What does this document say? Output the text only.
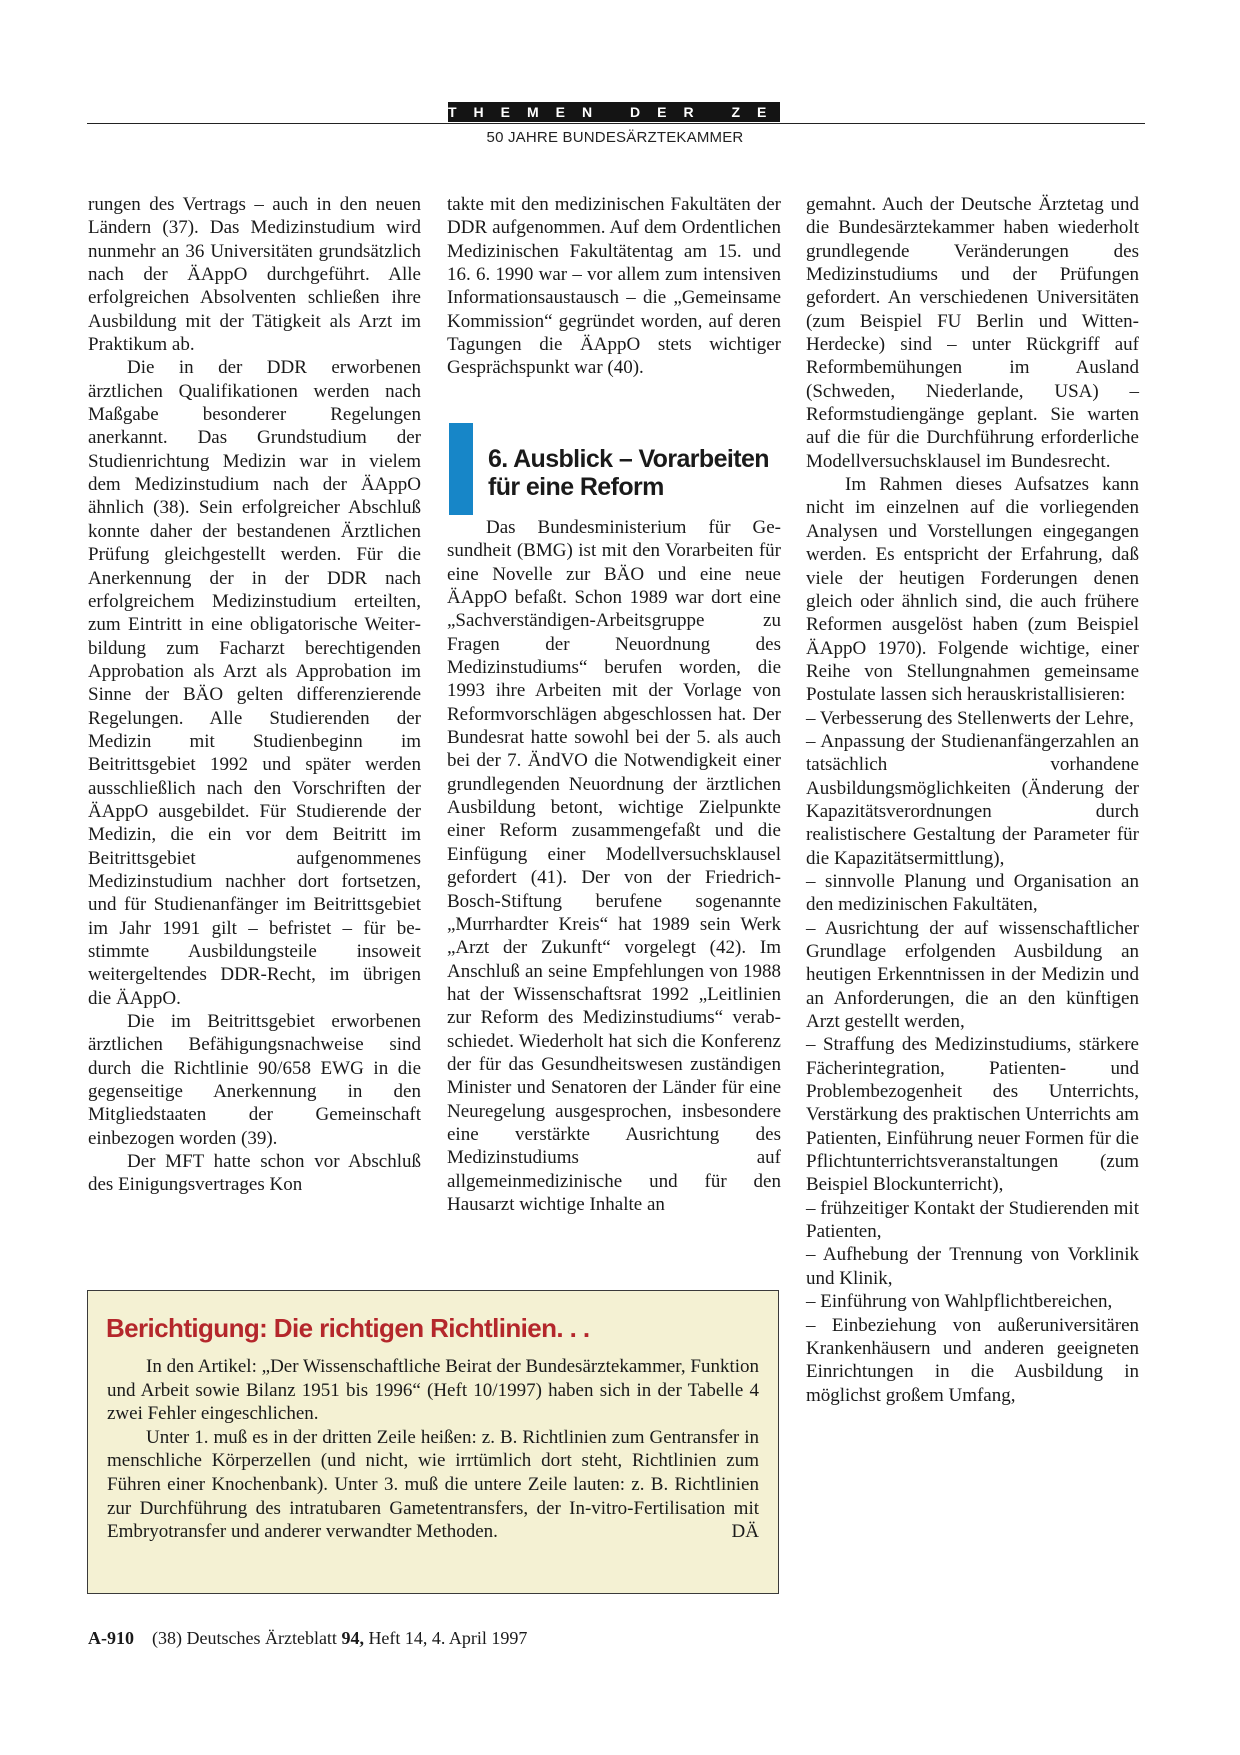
THEMEN DER ZEIT
50 JAHRE BUNDESÄRZTEKAMMER

rungen des Vertrags – auch in den neuen Ländern (37). Das Medizinstudium wird nunmehr an 36 Universitäten grundsätzlich nach der ÄAppO durchgeführt. Alle erfolgreichen Absolventen schließen ihre Ausbildung mit der Tätigkeit als Arzt im Praktikum ab.

Die in der DDR erworbenen ärztlichen Qualifikationen werden nach Maßgabe besonderer Regelungen anerkannt. Das Grundstudium der Studienrichtung Medizin war in vielem dem Medizinstudium nach der ÄAppO ähnlich (38). Sein erfolgreicher Abschluß konnte daher der bestandenen Ärztlichen Prüfung gleichgestellt werden. Für die Anerkennung der in der DDR nach erfolgreichem Medizinstudium erteilten, zum Eintritt in eine obligatorische Weiterbildung zum Facharzt berechtigenden Approbation als Arzt als Approbation im Sinne der BÄO gelten differenzierende Regelungen. Alle Studierenden der Medizin mit Studienbeginn im Beitrittsgebiet 1992 und später werden ausschließlich nach den Vorschriften der ÄAppO ausgebildet. Für Studierende der Medizin, die ein vor dem Beitritt im Beitrittsgebiet aufgenommenes Medizinstudium nachher dort fortsetzen, und für Studienanfänger im Beitrittsgebiet im Jahr 1991 gilt – befristet – für bestimmte Ausbildungsteile insoweit weitergeltendes DDR-Recht, im übrigen die ÄAppO.

Die im Beitrittsgebiet erworbenen ärztlichen Befähigungsnachweise sind durch die Richtlinie 90/658 EWG in die gegenseitige Anerkennung in den Mitgliedstaaten der Gemeinschaft einbezogen worden (39).

Der MFT hatte schon vor Abschluß des Einigungsvertrages Kon

takte mit den medizinischen Fakultäten der DDR aufgenommen. Auf dem Ordentlichen Medizinischen Fakultätentag am 15. und 16. 6. 1990 war – vor allem zum intensiven Informationsaustausch – die „Gemeinsame Kommission“ gegründet worden, auf deren Tagungen die ÄAppO stets wichtiger Gesprächspunkt war (40).

6. Ausblick – Vorarbeiten
für eine Reform

Das Bundesministerium für Gesundheit (BMG) ist mit den Vorarbeiten für eine Novelle zur BÄO und eine neue ÄAppO befaßt. Schon 1989 war dort eine „Sachverständigen-Arbeitsgruppe zu Fragen der Neuordnung des Medizinstudiums“ berufen worden, die 1993 ihre Arbeiten mit der Vorlage von Reformvorschlägen abgeschlossen hat. Der Bundesrat hatte sowohl bei der 5. als auch bei der 7. ÄndVO die Notwendigkeit einer grundlegenden Neuordnung der ärztlichen Ausbildung betont, wichtige Zielpunkte einer Reform zusammengefaßt und die Einfügung einer Modellversuchsklausel gefordert (41). Der von der Friedrich-Bosch-Stiftung berufene sogenannte „Murrhardter Kreis“ hat 1989 sein Werk „Arzt der Zukunft“ vorgelegt (42). Im Anschluß an seine Empfehlungen von 1988 hat der Wissenschaftsrat 1992 „Leitlinien zur Reform des Medizinstudiums“ verabschiedet. Wiederholt hat sich die Konferenz der für das Gesundheitswesen zuständigen Minister und Senatoren der Länder für eine Neuregelung ausgesprochen, insbesondere eine verstärkte Ausrichtung des Medizinstudiums auf allgemeinmedizinische und für den Hausarzt wichtige Inhalte an

gemahnt. Auch der Deutsche Ärztetag und die Bundesärztekammer haben wiederholt grundlegende Veränderungen des Medizinstudiums und der Prüfungen gefordert. An verschiedenen Universitäten (zum Beispiel FU Berlin und Witten-Herdecke) sind – unter Rückgriff auf Reformbemühungen im Ausland (Schweden, Niederlande, USA) – Reformstudiengänge geplant. Sie warten auf die für die Durchführung erforderliche Modellversuchsklausel im Bundesrecht.

Im Rahmen dieses Aufsatzes kann nicht im einzelnen auf die vorliegenden Analysen und Vorstellungen eingegangen werden. Es entspricht der Erfahrung, daß viele der heutigen Forderungen denen gleich oder ähnlich sind, die auch frühere Reformen ausgelöst haben (zum Beispiel ÄAppO 1970). Folgende wichtige, einer Reihe von Stellungnahmen gemeinsame Postulate lassen sich herauskristallisieren:

– Verbesserung des Stellenwerts der Lehre,
– Anpassung der Studienanfängerzahlen an tatsächlich vorhandene Ausbildungsmöglichkeiten (Änderung der Kapazitätsverordnungen durch realistischere Gestaltung der Parameter für die Kapazitätsermittlung),
– sinnvolle Planung und Organisation an den medizinischen Fakultäten,
– Ausrichtung der auf wissenschaftlicher Grundlage erfolgenden Ausbildung an heutigen Erkenntnissen in der Medizin und an Anforderungen, die an den künftigen Arzt gestellt werden,
– Straffung des Medizinstudiums, stärkere Fächerintegration, Patienten- und Problembezogenheit des Unterrichts, Verstärkung des praktischen Unterrichts am Patienten, Einführung neuer Formen für die Pflichtunterrichtsveranstaltungen (zum Beispiel Blockunterricht),
– frühzeitiger Kontakt der Studierenden mit Patienten,
– Aufhebung der Trennung von Vorklinik und Klinik,
– Einführung von Wahlpflichtbereichen,
– Einbeziehung von außeruniversitären Krankenhäusern und anderen geeigneten Einrichtungen in die Ausbildung in möglichst großem Umfang,
Berichtigung: Die richtigen Richtlinien. . .

In den Artikel: „Der Wissenschaftliche Beirat der Bundesärztekammer, Funktion und Arbeit sowie Bilanz 1951 bis 1996“ (Heft 10/1997) haben sich in der Tabelle 4 zwei Fehler eingeschlichen.

Unter 1. muß es in der dritten Zeile heißen: z. B. Richtlinien zum Gentransfer in menschliche Körperzellen (und nicht, wie irrtümlich dort steht, Richtlinien zum Führen einer Knochenbank). Unter 3. muß die untere Zeile lauten: z. B. Richtlinien zur Durchführung des intratubaren Gametentransfers, der In-vitro-Fertilisation mit Embryotransfer und anderer verwandter Methoden.	DÄ

A-910 (38) Deutsches Ärzteblatt 94, Heft 14, 4. April 1997
